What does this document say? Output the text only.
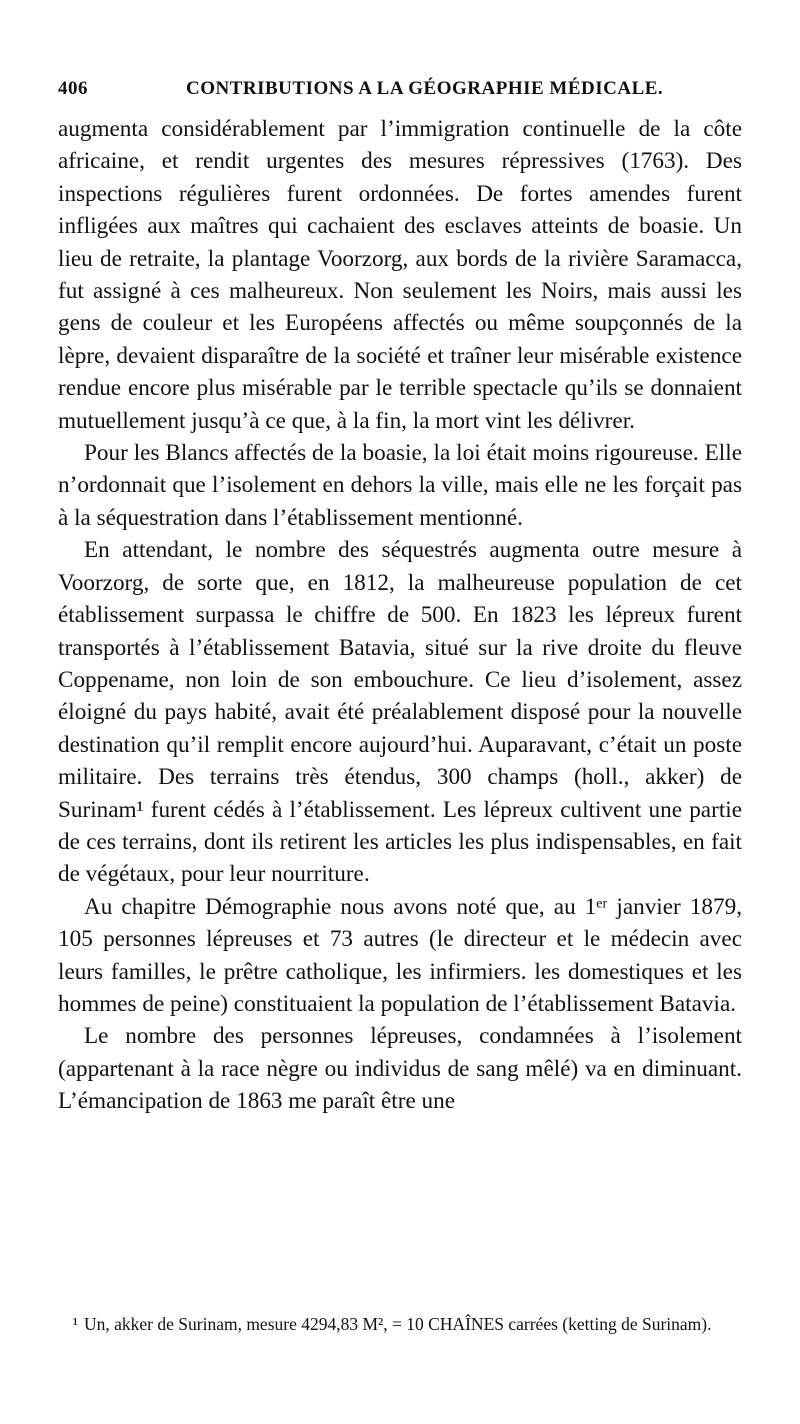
406	CONTRIBUTIONS A LA GÉOGRAPHIE MÉDICALE.

augmenta considérablement par l’immigration continuelle de la côte africaine, et rendit urgentes des mesures répressives (1763). Des inspections régulières furent ordonnées. De fortes amendes furent infligées aux maîtres qui cachaient des esclaves atteints de boasie. Un lieu de retraite, la plantage Voorzorg, aux bords de la rivière Saramacca, fut assigné à ces malheureux. Non seulement les Noirs, mais aussi les gens de couleur et les Européens affectés ou même soupçonnés de la lèpre, devaient disparaître de la société et traîner leur misérable existence rendue encore plus misérable par le terrible spectacle qu’ils se donnaient mutuellement jusqu’à ce que, à la fin, la mort vint les délivrer.

Pour les Blancs affectés de la boasie, la loi était moins rigoureuse. Elle n’ordonnait que l’isolement en dehors la ville, mais elle ne les forçait pas à la séquestration dans l’établissement mentionné.

En attendant, le nombre des séquestrés augmenta outre mesure à Voorzorg, de sorte que, en 1812, la malheureuse population de cet établissement surpassa le chiffre de 500. En 1823 les lépreux furent transportés à l’établissement Batavia, situé sur la rive droite du fleuve Coppename, non loin de son embouchure. Ce lieu d’isolement, assez éloigné du pays habité, avait été préalablement disposé pour la nouvelle destination qu’il remplit encore aujourd’hui. Auparavant, c’était un poste militaire. Des terrains très étendus, 300 champs (holl., akker) de Surinam¹ furent cédés à l’établissement. Les lépreux cultivent une partie de ces terrains, dont ils retirent les articles les plus indispensables, en fait de végétaux, pour leur nourriture.

Au chapitre Démographie nous avons noté que, au 1ᵉʳ janvier 1879, 105 personnes lépreuses et 73 autres (le directeur et le médecin avec leurs familles, le prêtre catholique, les infirmiers. les domestiques et les hommes de peine) constituaient la population de l’établissement Batavia.

Le nombre des personnes lépreuses, condamnées à l’isolement (appartenant à la race nègre ou individus de sang mêlé) va en diminuant. L’émancipation de 1863 me paraît être une

¹ Un, akker de Surinam, mesure 4294,83 M², = 10 CHAÎNES carrées (ketting de Surinam).
